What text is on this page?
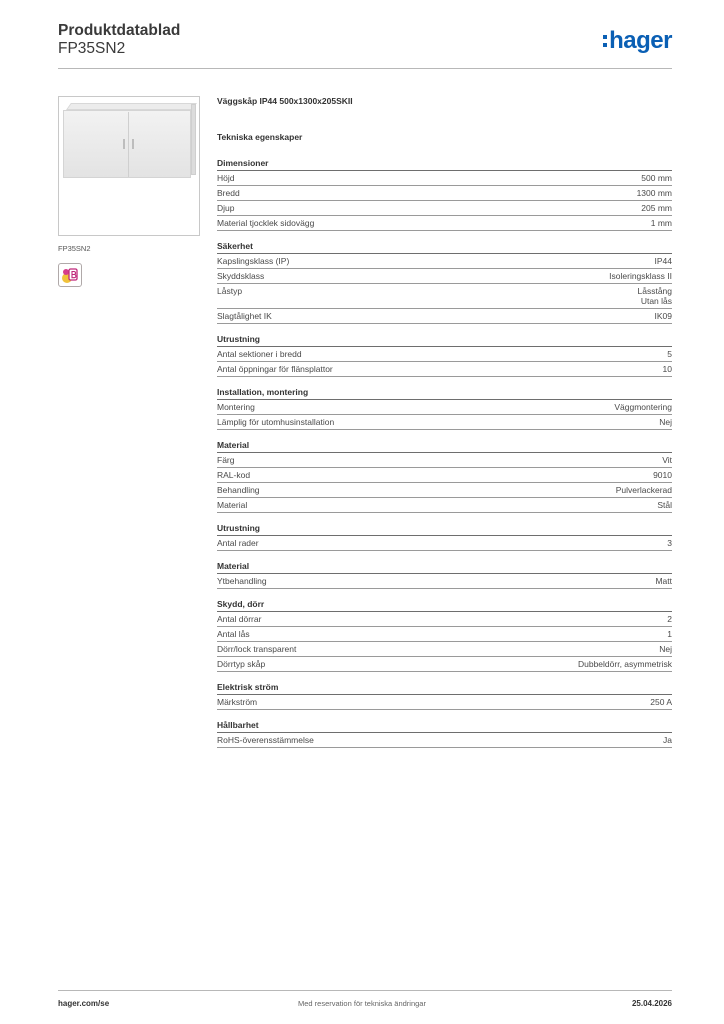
Produktdatablad
FP35SN2	hager
FP35SN2
Väggskåp IP44 500x1300x205SKII
Tekniska egenskaper
Dimensioner
Höjd	500 mm
Bredd	1300 mm
Djup	205 mm
Material tjocklek sidovägg	1 mm
Säkerhet
Kapslingsklass (IP)	IP44
Skyddsklass	Isoleringsklass II
Låstyp	Låsstång
Utan lås
Slagtålighet IK	IK09
Utrustning
Antal sektioner i bredd	5
Antal öppningar för flänsplattor	10
Installation, montering
Montering	Väggmontering
Lämplig för utomhusinstallation	Nej
Material
Färg	Vit
RAL-kod	9010
Behandling	Pulverlackerad
Material	Stål
Utrustning
Antal rader	3
Material
Ytbehandling	Matt
Skydd, dörr
Antal dörrar	2
Antal lås	1
Dörr/lock transparent	Nej
Dörrtyp skåp	Dubbeldörr, asymmetrisk
Elektrisk ström
Märkström	250 A
Hållbarhet
RoHS-överensstämmelse	Ja
hager.com/se	Med reservation för tekniska ändringar	25.04.2026
